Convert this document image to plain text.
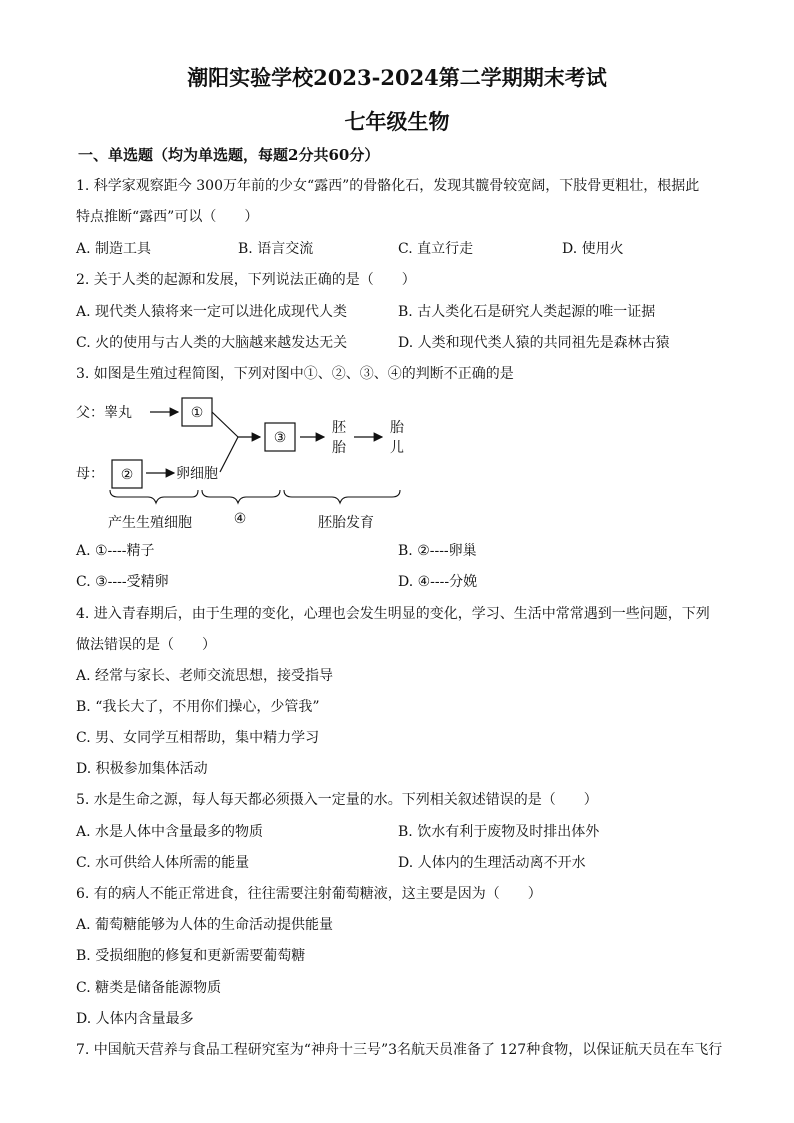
潮阳实验学校2023-2024第二学期期末考试
七年级生物
一、单选题（均为单选题，每题2分共60分）
1. 科学家观察距今 300万年前的少女“露西”的骨骼化石，发现其髋骨较宽阔，下肢骨更粗壮，根据此
特点推断“露西”可以（　　）
A. 制造工具	B. 语言交流	C. 直立行走	D. 使用火
2. 关于人类的起源和发展，下列说法正确的是（　　）
A. 现代类人猿将来一定可以进化成现代人类	B. 古人类化石是研究人类起源的唯一证据
C. 火的使用与古人类的大脑越来越发达无关	D. 人类和现代类人猿的共同祖先是森林古猿
3. 如图是生殖过程简图，下列对图中①、②、③、④的判断不正确的是
父：睾丸	①
③
胚
胎
胎
儿
母： ②	卵细胞
产生生殖细胞	④	胚胎发育
A. ①----精子	B. ②----卵巢
C. ③----受精卵	D. ④----分娩
4. 进入青春期后，由于生理的变化，心理也会发生明显的变化，学习、生活中常常遇到一些问题，下列
做法错误的是（　　）
A. 经常与家长、老师交流思想，接受指导
B. “我长大了，不用你们操心，少管我”
C. 男、女同学互相帮助，集中精力学习
D. 积极参加集体活动
5. 水是生命之源，每人每天都必须摄入一定量的水。下列相关叙述错误的是（　　）
A. 水是人体中含量最多的物质	B. 饮水有利于废物及时排出体外
C. 水可供给人体所需的能量	D. 人体内的生理活动离不开水
6. 有的病人不能正常进食，往往需要注射葡萄糖液，这主要是因为（　　）
A. 葡萄糖能够为人体的生命活动提供能量
B. 受损细胞的修复和更新需要葡萄糖
C. 糖类是储备能源物质
D. 人体内含量最多
7. 中国航天营养与食品工程研究室为“神舟十三号”3名航天员准备了 127种食物，以保证航天员在车飞行
